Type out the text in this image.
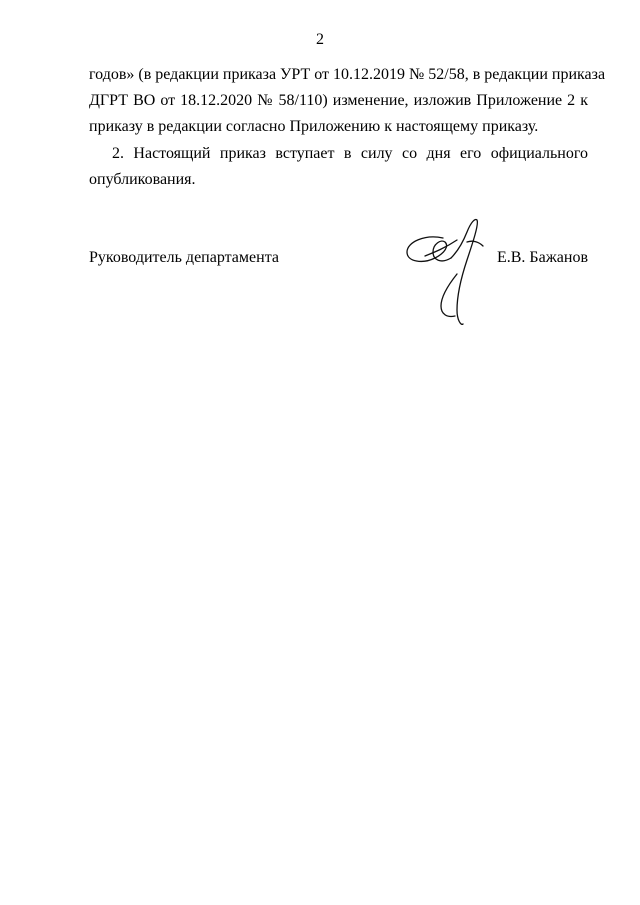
2
годов» (в редакции приказа УРТ от 10.12.2019 № 52/58, в редакции приказа
ДГРТ ВО от 18.12.2020 № 58/110) изменение, изложив Приложение 2 к
приказу в редакции согласно Приложению к настоящему приказу.
2. Настоящий приказ вступает в силу со дня его официального
опубликования.
Руководитель департамента	Е.В. Бажанов
